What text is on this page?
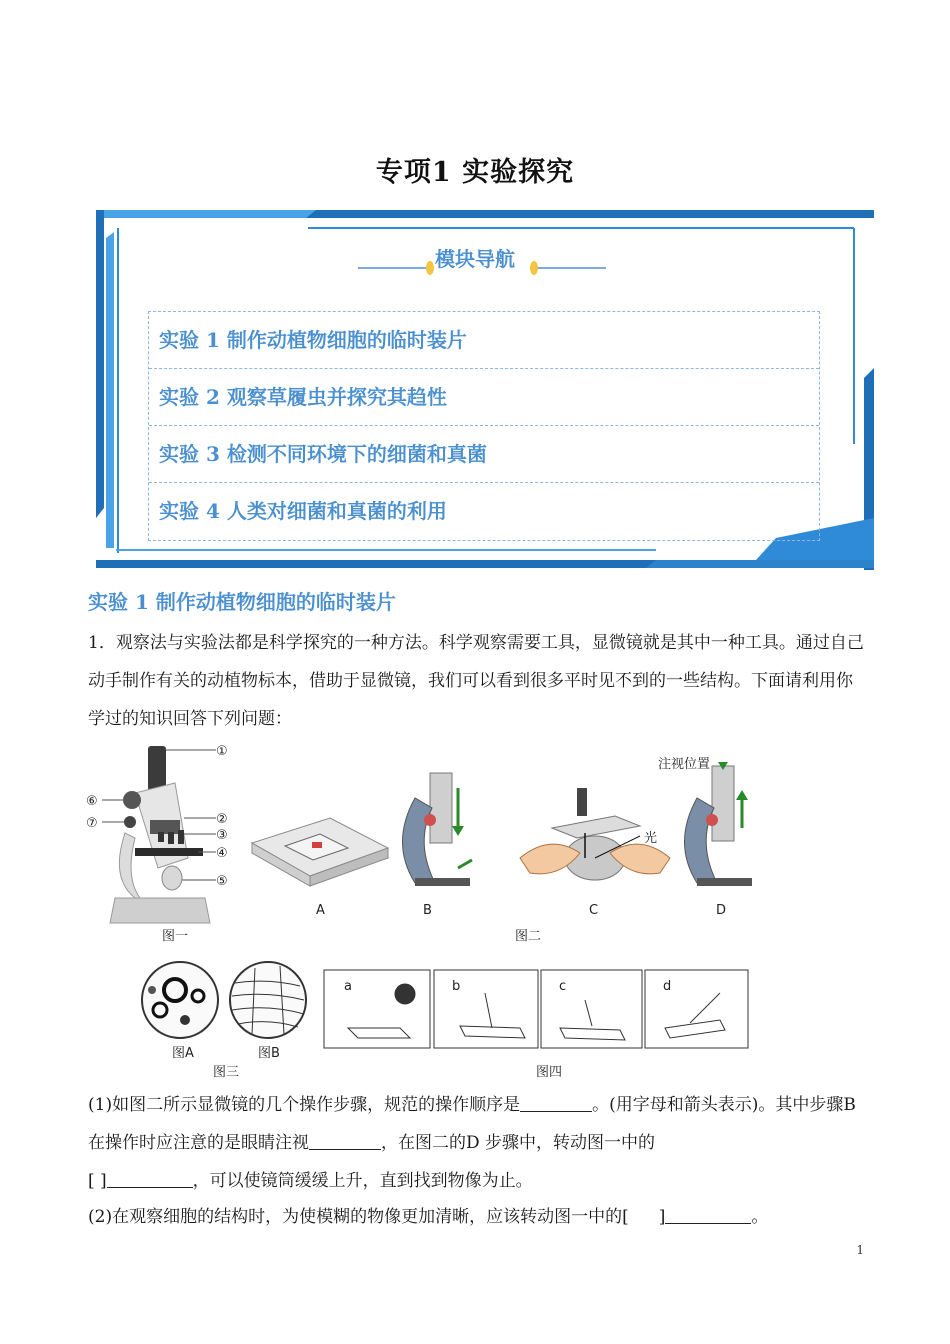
专项1 实验探究
模块导航
实验 1 制作动植物细胞的临时装片
实验 2 观察草履虫并探究其趋性
实验 3 检测不同环境下的细菌和真菌
实验 4 人类对细菌和真菌的利用
实验 1 制作动植物细胞的临时装片
1．观察法与实验法都是科学探究的一种方法。科学观察需要工具，显微镜就是其中一种工具。通过自己动手制作有关的动植物标本，借助于显微镜，我们可以看到很多平时见不到的一些结构。下面请利用你学过的知识回答下列问题：
①
②
③
④
⑤
⑥
⑦
图一
A	B
光
C
注视位置
D
图二
图A	图B
图三
a	b	c	d
图四
(1)如图二所示显微镜的几个操作步骤，规范的操作顺序是	。(用字母和箭头表示)。其中步骤B 在操作时应注意的是眼睛注视	，在图二的D 步骤中，转动图一中的
[ ]	，可以使镜筒缓缓上升，直到找到物像为止。
(2)在观察细胞的结构时，为使模糊的物像更加清晰，应该转动图一中的[ ]	。
1
